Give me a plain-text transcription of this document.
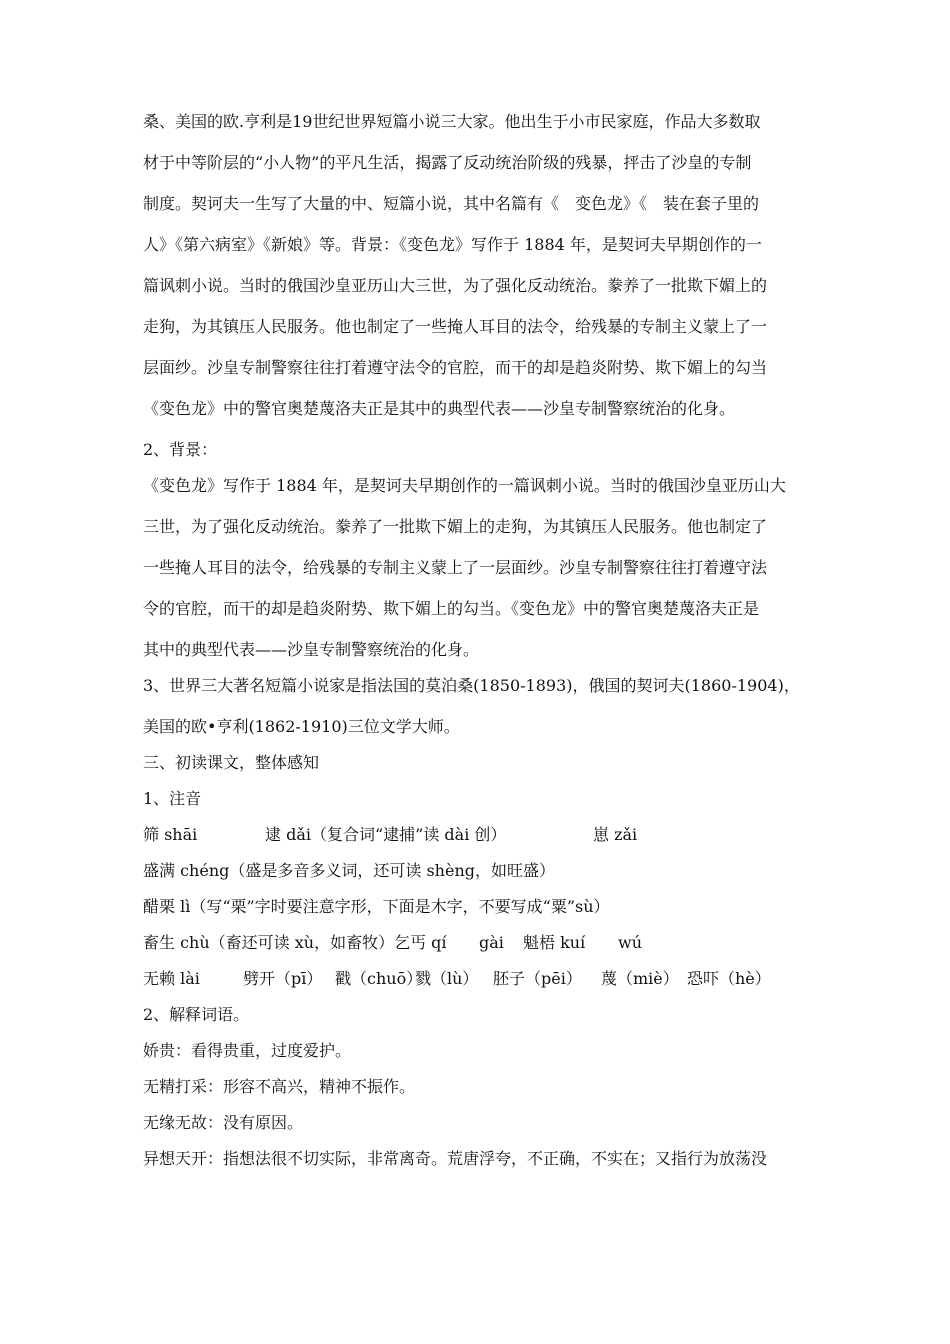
桑、美国的欧.亨利是19世纪世界短篇小说三大家。他出生于小市民家庭，作品大多数取

材于中等阶层的“小人物”的平凡生活，揭露了反动统治阶级的残暴，抨击了沙皇的专制

制度。契诃夫一生写了大量的中、短篇小说，其中名篇有《　变色龙》《　装在套子里的

人》《第六病室》《新娘》等。背景：《变色龙》写作于 1884 年，是契诃夫早期创作的一

篇讽刺小说。当时的俄国沙皇亚历山大三世，为了强化反动统治。豢养了一批欺下媚上的

走狗，为其镇压人民服务。他也制定了一些掩人耳目的法令，给残暴的专制主义蒙上了一

层面纱。沙皇专制警察往往打着遵守法令的官腔，而干的却是趋炎附势、欺下媚上的勾当

《变色龙》中的警官奥楚蔑洛夫正是其中的典型代表——沙皇专制警察统治的化身。

2、背景：

《变色龙》写作于 1884 年，是契诃夫早期创作的一篇讽刺小说。当时的俄国沙皇亚历山大

三世，为了强化反动统治。豢养了一批欺下媚上的走狗，为其镇压人民服务。他也制定了

一些掩人耳目的法令，给残暴的专制主义蒙上了一层面纱。沙皇专制警察往往打着遵守法

令的官腔，而干的却是趋炎附势、欺下媚上的勾当。《变色龙》中的警官奥楚蔑洛夫正是

其中的典型代表——沙皇专制警察统治的化身。

3、世界三大著名短篇小说家是指法国的莫泊桑(1850-1893)，俄国的契诃夫(1860-1904)，

美国的欧•亨利(1862-1910)三位文学大师。

三、初读课文，整体感知

1、注音

筛 shāi	逮 dǎi（复合词“逮捕”读 dài 创）	崽 zǎi

盛满 chéng（盛是多音多义词，还可读 shèng，如旺盛）

醋栗 lì（写“栗”字时要注意字形，下面是木字，不要写成“粟”sù）

畜生 chù（畜还可读 xù，如畜牧）乞丐 qí	gài	魁梧 kuí	wú
无赖 lài	劈开（pī） 戳（chuō）
戮（lù） 胚子（pēi）	蔑（miè） 恐吓（hè）

2、解释词语。

娇贵：看得贵重，过度爱护。

无精打采：形容不高兴，精神不振作。

无缘无故：没有原因。

异想天开：指想法很不切实际，非常离奇。荒唐浮夸，不正确，不实在；又指行为放荡没
